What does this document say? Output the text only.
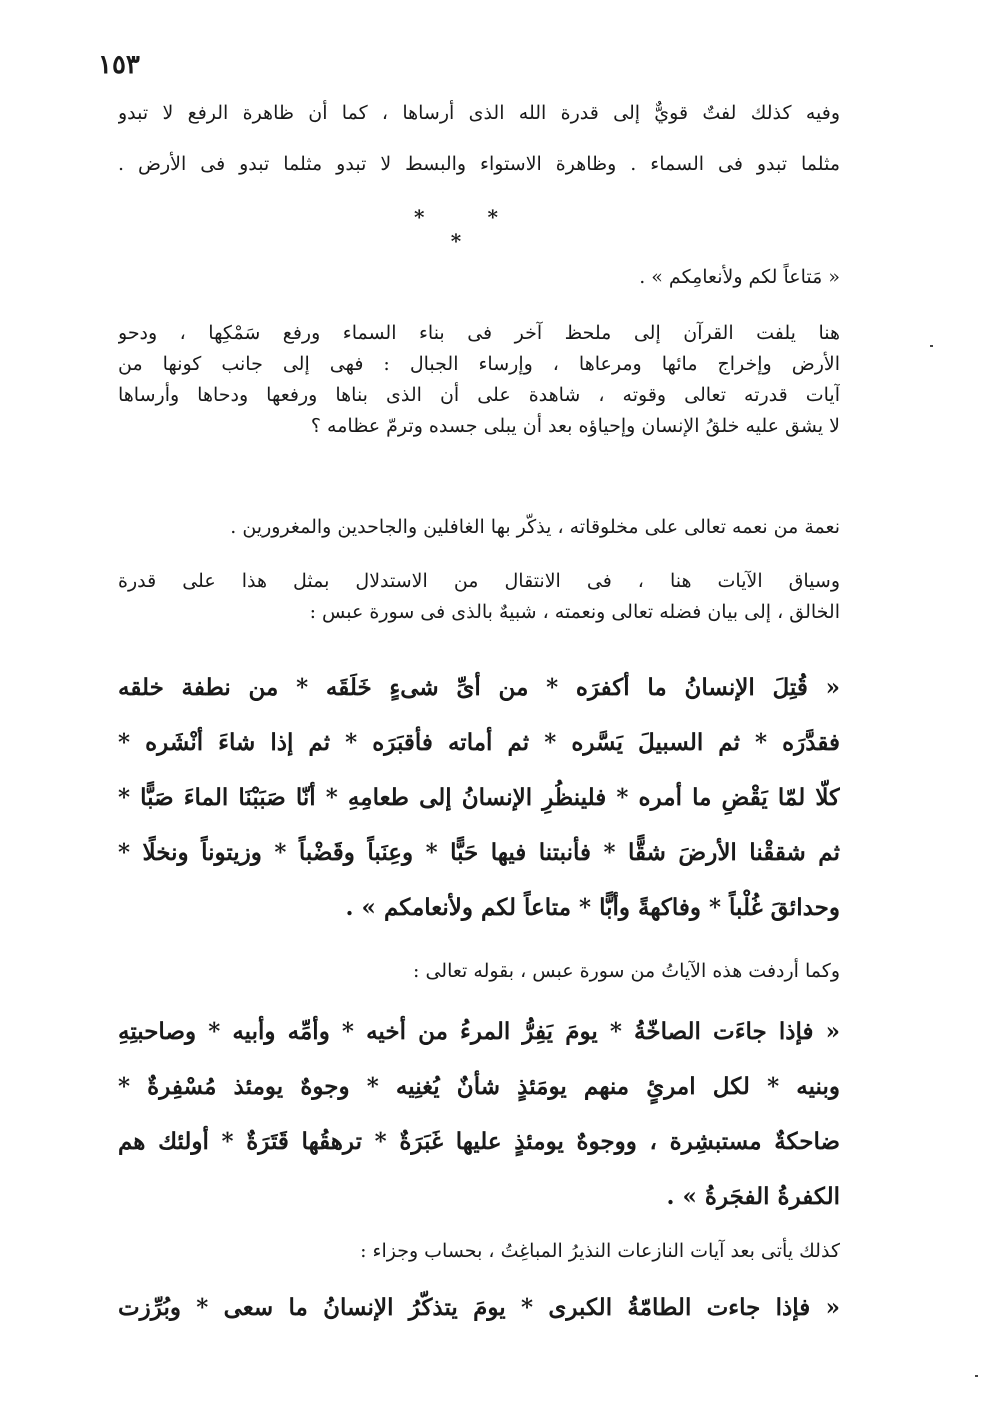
١٥٣
وفيه كذلك لفتٌ قويٌّ إلى قدرة الله الذى أرساها ، كما أن ظاهرة الرفع لا تبدو
مثلما تبدو فى السماء . وظاهرة الاستواء والبسط لا تبدو مثلما تبدو فى الأرض .
* * *
« مَتاعاً لكم ولأنعامِكم » .
هنا يلفت القرآن إلى ملحظ آخر فى بناء السماء ورفع سَمْكِها ، ودحو
الأرض وإخراج مائها ومرعاها ، وإرساء الجبال : فهى إلى جانب كونها من
آيات قدرته تعالى وقوته ، شاهدة على أن الذى بناها ورفعها ودحاها وأرساها
لا يشق عليه خلقُ الإنسان وإحياؤه بعد أن يبلى جسده وترمّ عظامه ؟
نعمة من نعمه تعالى على مخلوقاته ، يذكّر بها الغافلين والجاحدين والمغرورين .
وسياق الآيات هنا ، فى الانتقال من الاستدلال بمثل هذا على قدرة
الخالق ، إلى بيان فضله تعالى ونعمته ، شبيهٌ بالذى فى سورة عبس :
« قُتِلَ الإنسانُ ما أكفرَه * من أىِّ شىءٍ خَلَقَه * من نطفة خلقه
فقدَّرَه * ثم السبيلَ يَسَّره * ثم أماته فأقبَرَه * ثم إذا شاءَ أنْشَره *
كلّا لمّا يَقْضِ ما أمره * فلينظُرِ الإنسانُ إلى طعامِهِ * أنّا صَبَبْنَا الماءَ صَبًّا *
ثم شققْنا الأرضَ شقًّا * فأنبتنا فيها حَبًّا * وعِنَباً وقَضْباً * وزيتوناً ونخلًا *
وحدائقَ غُلْباً * وفاكهةً وأبًّا * متاعاً لكم ولأنعامكم » .
وكما أردفت هذه الآياتُ من سورة عبس ، بقوله تعالى :
« فإذا جاءَت الصاخّةُ * يومَ يَفِرُّ المرءُ من أخيه * وأمِّه وأبيه * وصاحبتِهِ
وبنيه * لكل امرئٍ منهم يومَئذٍ شأنٌ يُغنِيه * وجوهٌ يومئذ مُسْفِرةٌ *
ضاحكةٌ مستبشِرة ، ووجوهٌ يومئذٍ عليها غَبَرَةٌ * ترهقُها قَتَرَةٌ * أولئك هم
الكفرةُ الفجَرةُ » .
كذلك يأتى بعد آيات النازعات النذيرُ المباغِتُ ، بحساب وجزاء :
« فإذا جاءت الطامّةُ الكبرى * يومَ يتذكّرُ الإنسانُ ما سعى * وبُرِّزت
